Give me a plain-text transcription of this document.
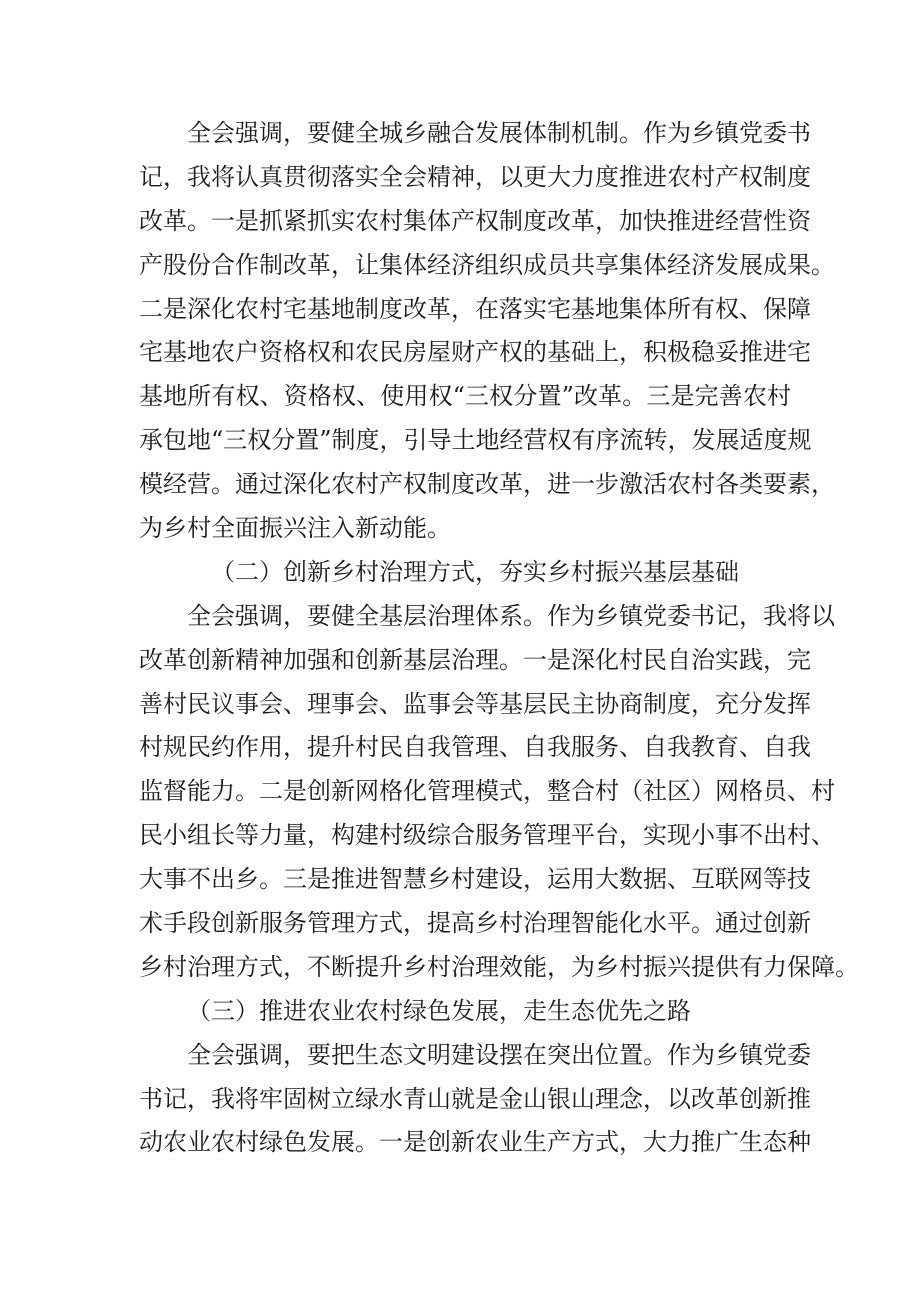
全会强调，要健全城乡融合发展体制机制。作为乡镇党委书
记，我将认真贯彻落实全会精神，以更大力度推进农村产权制度
改革。一是抓紧抓实农村集体产权制度改革，加快推进经营性资
产股份合作制改革，让集体经济组织成员共享集体经济发展成果。
二是深化农村宅基地制度改革，在落实宅基地集体所有权、保障
宅基地农户资格权和农民房屋财产权的基础上，积极稳妥推进宅
基地所有权、资格权、使用权“三权分置”改革。三是完善农村
承包地“三权分置”制度，引导土地经营权有序流转，发展适度规
模经营。通过深化农村产权制度改革，进一步激活农村各类要素，
为乡村全面振兴注入新动能。
（二）创新乡村治理方式，夯实乡村振兴基层基础
全会强调，要健全基层治理体系。作为乡镇党委书记，我将以
改革创新精神加强和创新基层治理。一是深化村民自治实践，完
善村民议事会、理事会、监事会等基层民主协商制度，充分发挥
村规民约作用，提升村民自我管理、自我服务、自我教育、自我
监督能力。二是创新网格化管理模式，整合村（社区）网格员、村
民小组长等力量，构建村级综合服务管理平台，实现小事不出村、
大事不出乡。三是推进智慧乡村建设，运用大数据、互联网等技
术手段创新服务管理方式，提高乡村治理智能化水平。通过创新
乡村治理方式，不断提升乡村治理效能，为乡村振兴提供有力保障。
（三）推进农业农村绿色发展，走生态优先之路
全会强调，要把生态文明建设摆在突出位置。作为乡镇党委
书记，我将牢固树立绿水青山就是金山银山理念，以改革创新推
动农业农村绿色发展。一是创新农业生产方式，大力推广生态种
